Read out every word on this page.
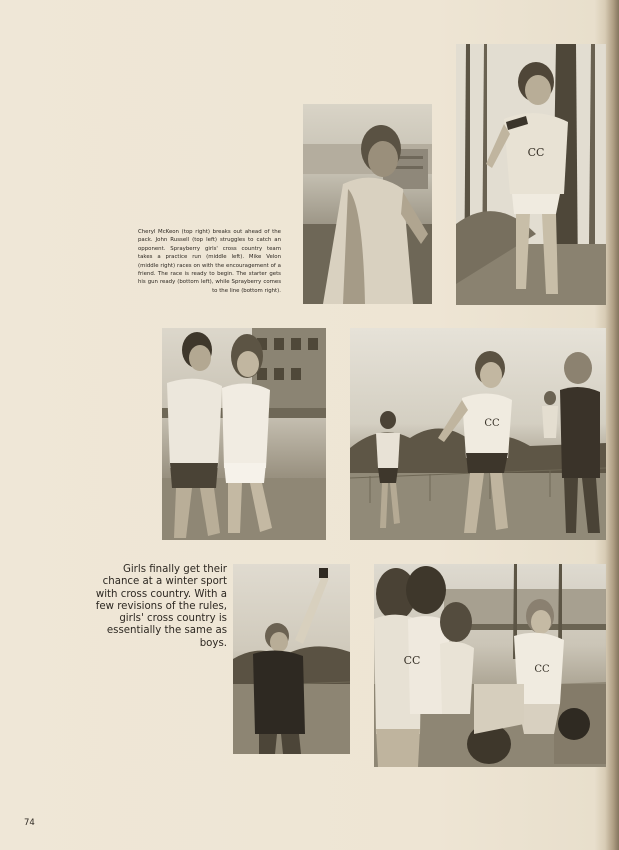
CC
CC
CC
CC
Cheryl McKeon (top right) breaks out ahead of the pack. John Russell (top left) struggles to catch an opponent. Sprayberry girls' cross country team takes a practice run (middle left). Mike Velon (middle right) races on with the encouragement of a friend. The race is ready to begin. The starter gets his gun ready (bottom left), while Sprayberry comes to the line (bottom right).
Girls finally get their chance at a winter sport with cross country. With a few revisions of the rules, girls' cross country is essentially the same as boys.
74
